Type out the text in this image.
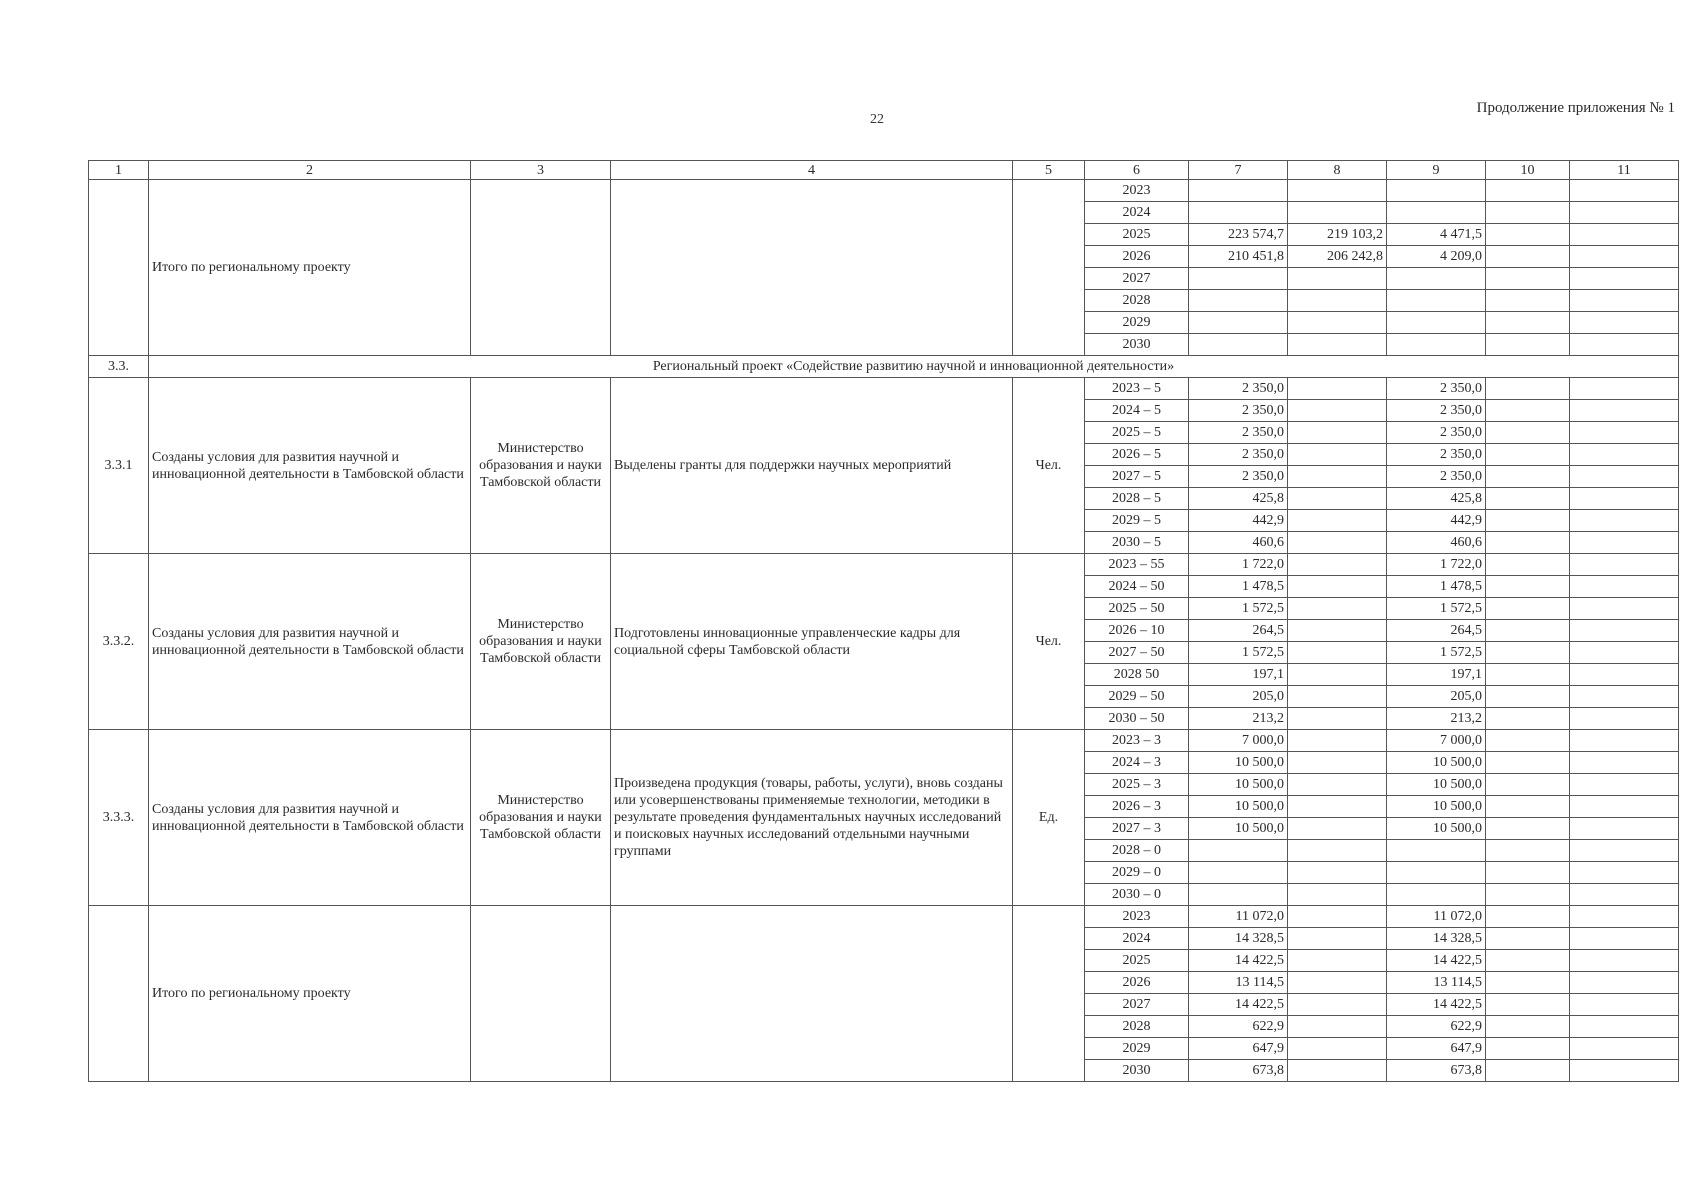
22
Продолжение приложения № 1
1	2	3	4	5	6	7	8	9	10	11
	Итого по региональному проекту				2023					
					2024					
					2025	223 574,7	219 103,2	4 471,5		
					2026	210 451,8	206 242,8	4 209,0		
					2027					
					2028					
					2029					
					2030					
3.3.	Региональный проект «Содействие развитию научной и инновационной деятельности»									
3.3.1	Созданы условия для развития научной и инновационной деятельности в Тамбовской области	Министерство образования и науки Тамбовской области	Выделены гранты для поддержки научных мероприятий	Чел.	2023 – 5	2 350,0		2 350,0		
					2024 – 5	2 350,0		2 350,0		
					2025 – 5	2 350,0		2 350,0		
					2026 – 5	2 350,0		2 350,0		
					2027 – 5	2 350,0		2 350,0		
					2028 – 5	425,8		425,8		
					2029 – 5	442,9		442,9		
					2030 – 5	460,6		460,6		
3.3.2.	Созданы условия для развития научной и инновационной деятельности в Тамбовской области	Министерство образования и науки Тамбовской области	Подготовлены инновационные управленческие кадры для социальной сферы Тамбовской области	Чел.	2023 – 55	1 722,0		1 722,0		
					2024 – 50	1 478,5		1 478,5		
					2025 – 50	1 572,5		1 572,5		
					2026 – 10	264,5		264,5		
					2027 – 50	1 572,5		1 572,5		
					2028 50	197,1		197,1		
					2029 – 50	205,0		205,0		
					2030 – 50	213,2		213,2		
3.3.3.	Созданы условия для развития научной и инновационной деятельности в Тамбовской области	Министерство образования и науки Тамбовской области	Произведена продукция (товары, работы, услуги), вновь созданы или усовершенствованы применяемые технологии, методики в результате проведения фундаментальных научных исследований и поисковых научных исследований отдельными научными группами	Ед.	2023 – 3	7 000,0		7 000,0		
					2024 – 3	10 500,0		10 500,0		
					2025 – 3	10 500,0		10 500,0		
					2026 – 3	10 500,0		10 500,0		
					2027 – 3	10 500,0		10 500,0		
					2028 – 0					
					2029 – 0					
					2030 – 0					
	Итого по региональному проекту				2023	11 072,0		11 072,0		
					2024	14 328,5		14 328,5		
					2025	14 422,5		14 422,5		
					2026	13 114,5		13 114,5		
					2027	14 422,5		14 422,5		
					2028	622,9		622,9		
					2029	647,9		647,9		
					2030	673,8		673,8		
